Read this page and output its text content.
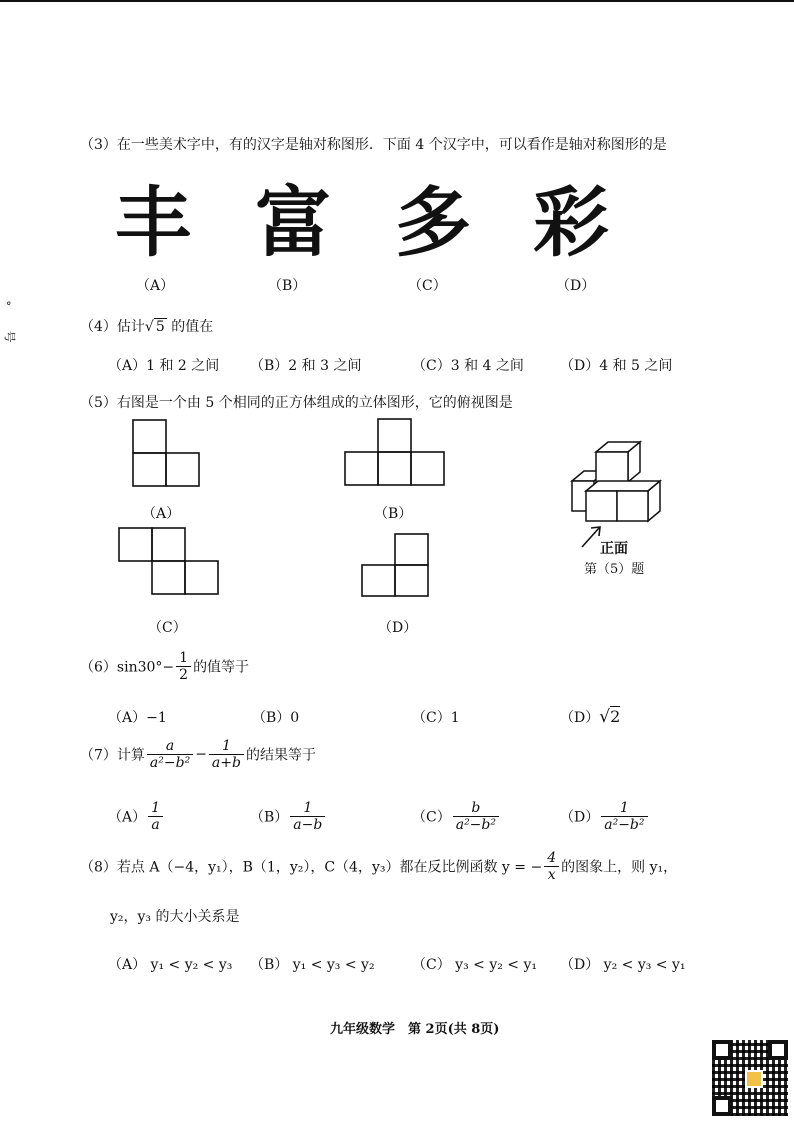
°
号
（3）在一些美术字中，有的汉字是轴对称图形．下面 4 个汉字中，可以看作是轴对称图形的是
丰 富 多 彩
（A）	（B）	（C）	（D）
（4）估计√ 5 的值在
（A）1 和 2 之间 （B）2 和 3 之间	（C）3 和 4 之间	（D）4 和 5 之间
（5）右图是一个由 5 个相同的正方体组成的立体图形，它的俯视图是
（A）	（B）
（C）	（D）
正面
第（5）题
$(6)\sin 30^\circ- \frac{1}{2}$ 的值等于
（A）−1	（B）0	（C）1	（D）√2
（7）计算 $\frac{a}{\text{a²−b²}} - \frac{1}{a+b}$ 的结果等于
$(A) \frac{1}{a}$	$(B) \frac{1}{a-b}$	$(C) \frac{b}{\text{a²−b²}}$	$(D) \frac{1}{\text{a²−b²}}$
（8）若点 A（−4，y₁），B（1，y₂），C（4，y₃）都在反比例函数 y = − $\frac{4}{x}$ 的图象上，则 y₁，
y₂，y₃ 的大小关系是
（A） y₁ < y₂ < y₃ （B） y₁ < y₃ < y₂	（C） y₃ < y₂ < y₁ （D） y₂ < y₃ < y₁
九年级数学　第 2页(共 8页)
